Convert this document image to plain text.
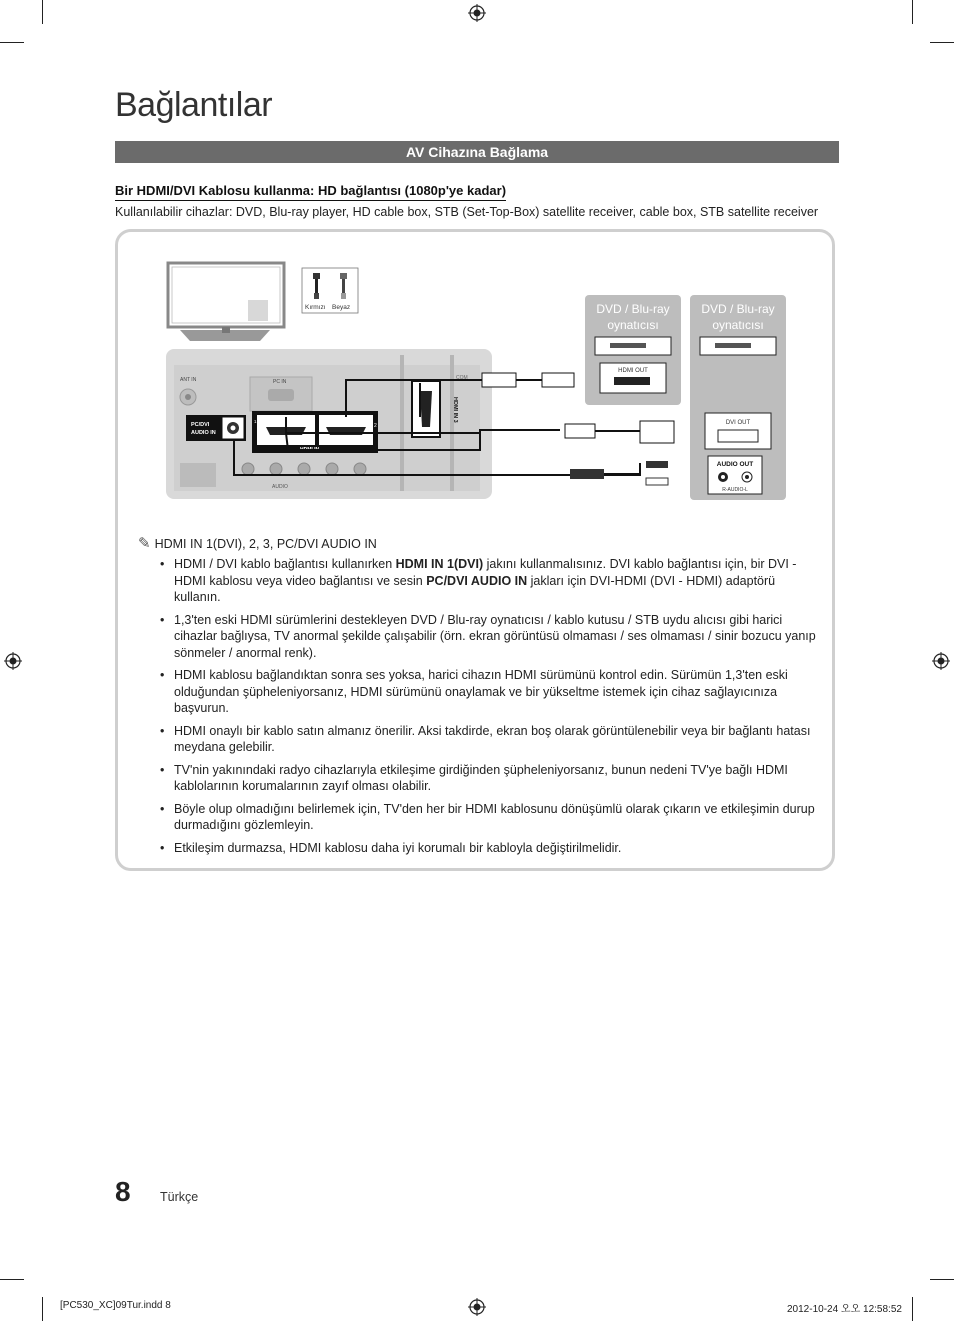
Bağlantılar
AV Cihazına Bağlama
Bir HDMI/DVI Kablosu kullanma: HD bağlantısı (1080p'ye kadar)
Kullanılabilir cihazlar: DVD, Blu-ray player, HD cable box, STB (Set-Top-Box) satellite receiver, cable box, STB satellite receiver
Kırmızı Beyaz
ANT IN	PC IN
PC/DVI
AUDIO IN
HDMI IN
1 (DVI)
2
AUDIO
COM
HDMI IN 3
DVD / Blu-ray
oynatıcısı
HDMI OUT
DVD / Blu-ray
oynatıcısı
DVI OUT
AUDIO OUT
R-AUDIO-L
✎ HDMI IN 1(DVI), 2, 3, PC/DVI AUDIO IN
• HDMI / DVI kablo bağlantısı kullanırken HDMI IN 1(DVI) jakını kullanmalısınız. DVI kablo bağlantısı için, bir DVI - HDMI kablosu veya video bağlantısı ve sesin PC/DVI AUDIO IN jakları için DVI-HDMI (DVI - HDMI) adaptörü kullanın.
• 1,3'ten eski HDMI sürümlerini destekleyen DVD / Blu-ray oynatıcısı / kablo kutusu / STB uydu alıcısı gibi harici cihazlar bağlıysa, TV anormal şekilde çalışabilir (örn. ekran görüntüsü olmaması / ses olmaması / sinir bozucu yanıp sönmeler / anormal renk).
• HDMI kablosu bağlandıktan sonra ses yoksa, harici cihazın HDMI sürümünü kontrol edin. Sürümün 1,3'ten eski olduğundan şüpheleniyorsanız, HDMI sürümünü onaylamak ve bir yükseltme istemek için cihaz sağlayıcınıza başvurun.
• HDMI onaylı bir kablo satın almanız önerilir. Aksi takdirde, ekran boş olarak görüntülenebilir veya bir bağlantı hatası meydana gelebilir.
• TV'nin yakınındaki radyo cihazlarıyla etkileşime girdiğinden şüpheleniyorsanız, bunun nedeni TV'ye bağlı HDMI kablolarının korumalarının zayıf olması olabilir.
• Böyle olup olmadığını belirlemek için, TV'den her bir HDMI kablosunu dönüşümlü olarak çıkarın ve etkileşimin durup durmadığını gözlemleyin.
• Etkileşim durmazsa, HDMI kablosu daha iyi korumalı bir kabloyla değiştirilmelidir.
8 Türkçe
[PC530_XC]09Tur.indd 8	2012-10-24 오오 12:58:52
